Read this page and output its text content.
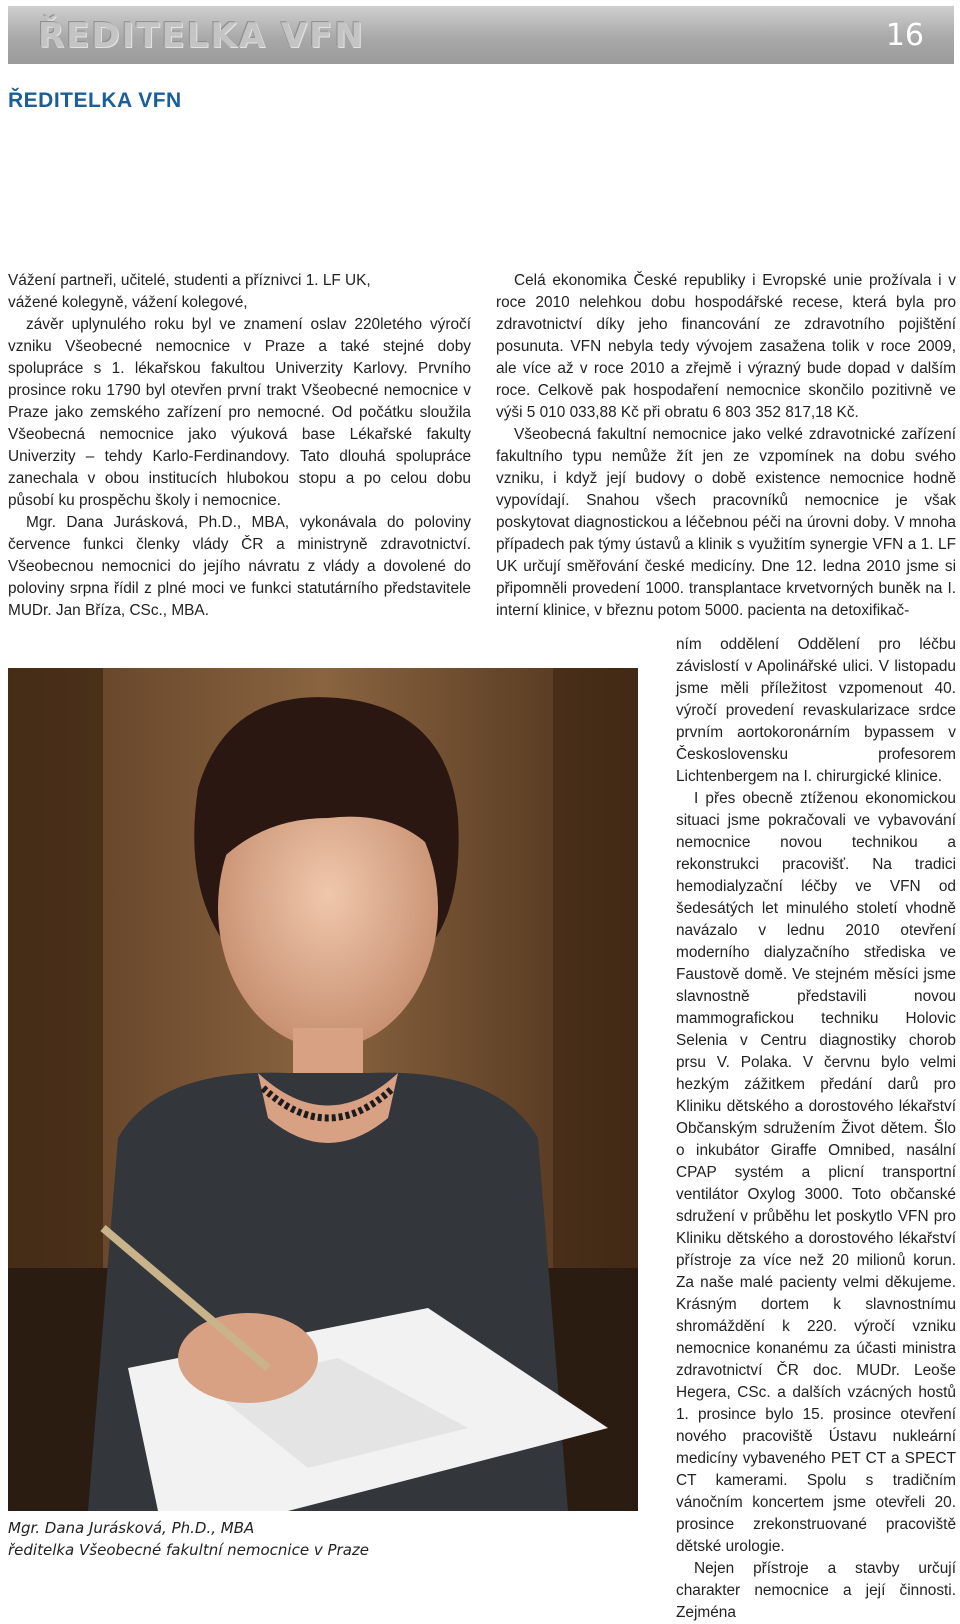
ŘEDITELKA VFN	16
ŘEDITELKA VFN

Vážení partneři, učitelé, studenti a příznivci 1. LF UK,

vážené kolegyně, vážení kolegové,

závěr uplynulého roku byl ve znamení oslav 220letého výročí vzniku Všeobecné nemocnice v Praze a také stejné doby spolupráce s 1. lékařskou fakultou Univerzity Karlovy. Prvního prosince roku 1790 byl otevřen první trakt Všeobecné nemocnice v Praze jako zemského zařízení pro nemocné. Od počátku sloužila Všeobecná nemocnice jako výuková base Lékařské fakulty Univerzity – tehdy Karlo-Ferdinandovy. Tato dlouhá spolupráce zanechala v obou institucích hlubokou stopu a po celou dobu působí ku prospěchu školy i nemocnice.

Mgr. Dana Jurásková, Ph.D., MBA, vykonávala do poloviny července funkci členky vlády ČR a ministryně zdravotnictví. Všeobecnou nemocnici do jejího návratu z vlády a dovolené do poloviny srpna řídil z plné moci ve funkci statutárního představitele MUDr. Jan Bříza, CSc., MBA.

Celá ekonomika České republiky i Evropské unie prožívala i v roce 2010 nelehkou dobu hospodářské recese, která byla pro zdravotnictví díky jeho financování ze zdravotního pojištění posunuta. VFN nebyla tedy vývojem zasažena tolik v roce 2009, ale více až v roce 2010 a zřejmě i výrazný bude dopad v dalším roce. Celkově pak hospodaření nemocnice skončilo pozitivně ve výši 5 010 033,88 Kč při obratu 6 803 352 817,18 Kč.

Všeobecná fakultní nemocnice jako velké zdravotnické zařízení fakultního typu nemůže žít jen ze vzpomínek na dobu svého vzniku, i když její budovy o době existence nemocnice hodně vypovídají. Snahou všech pracovníků nemocnice je však poskytovat diagnostickou a léčebnou péči na úrovni doby. V mnoha případech pak týmy ústavů a klinik s využitím synergie VFN a 1. LF UK určují směřování české medicíny. Dne 12. ledna 2010 jsme si připomněli provedení 1000. transplantace krvetvorných buněk na I. interní klinice, v březnu potom 5000. pacienta na detoxifikač-

ním oddělení Oddělení pro léčbu závislostí v Apolinářské ulici. V listopadu jsme měli příležitost vzpomenout 40. výročí provedení revaskularizace srdce prvním aortokoronárním bypassem v Československu profesorem Lichtenbergem na I. chirurgické klinice.

I přes obecně ztíženou ekonomickou situaci jsme pokračovali ve vybavování nemocnice novou technikou a rekonstrukci pracovišť. Na tradici hemodialyzační léčby ve VFN od šedesátých let minulého století vhodně navázalo v lednu 2010 otevření moderního dialyzačního střediska ve Faustově domě. Ve stejném měsíci jsme slavnostně představili novou mammografickou techniku Holovic Selenia v Centru diagnostiky chorob prsu V. Polaka. V červnu bylo velmi hezkým zážitkem předání darů pro Kliniku dětského a dorostového lékařství Občanským sdružením Život dětem. Šlo o inkubátor Giraffe Omnibed, nasální CPAP systém a plicní transportní ventilátor Oxylog 3000. Toto občanské sdružení v průběhu let poskytlo VFN pro Kliniku dětského a dorostového lékařství přístroje za více než 20 milionů korun. Za naše malé pacienty velmi děkujeme. Krásným dortem k slavnostnímu shromáždění k 220. výročí vzniku nemocnice konanému za účasti ministra zdravotnictví ČR doc. MUDr. Leoše Hegera, CSc. a dalších vzácných hostů 1. prosince bylo 15. prosince otevření nového pracoviště Ústavu nukleární medicíny vybaveného PET CT a SPECT CT kamerami. Spolu s tradičním vánočním koncertem jsme otevřeli 20. prosince zrekonstruované pracoviště dětské urologie.

Nejen přístroje a stavby určují charakter nemocnice a její činnosti. Zejména

Mgr. Dana Jurásková, Ph.D., MBA
ředitelka Všeobecné fakultní nemocnice v Praze
